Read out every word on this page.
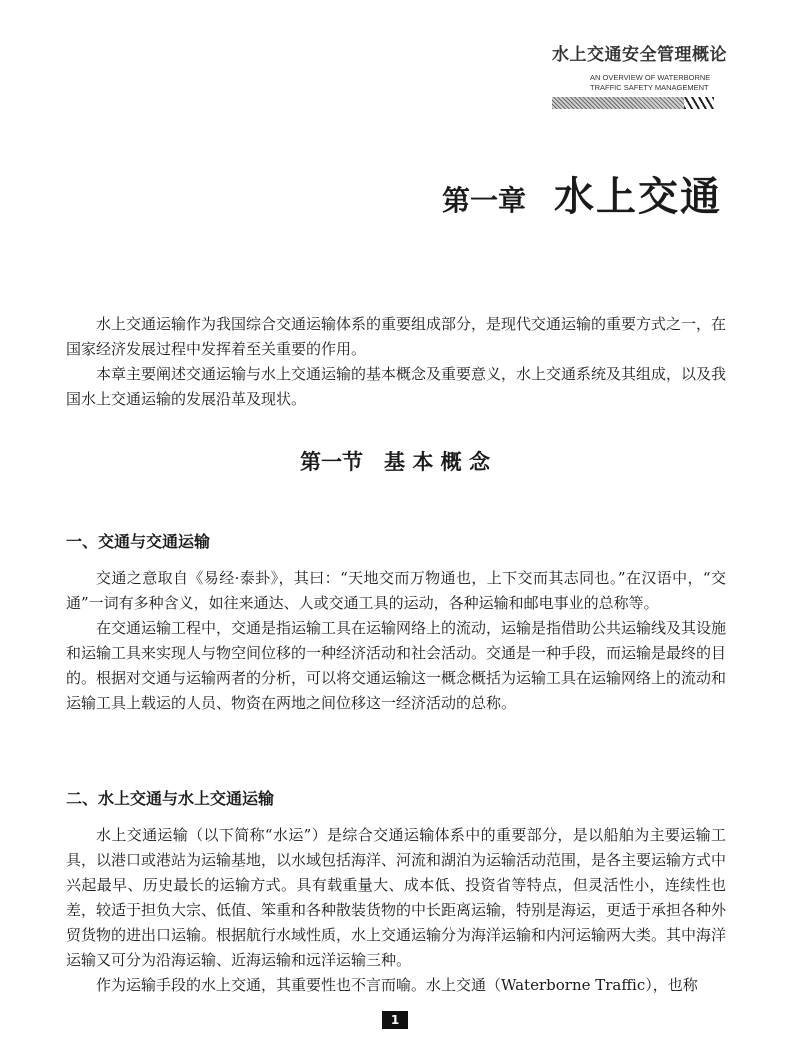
水上交通安全管理概论
AN OVERVIEW OF WATERBORNE
TRAFFIC SAFETY MANAGEMENT
第一章 水上交通

水上交通运输作为我国综合交通运输体系的重要组成部分，是现代交通运输的重要方式之一，在国家经济发展过程中发挥着至关重要的作用。

本章主要阐述交通运输与水上交通运输的基本概念及重要意义，水上交通系统及其组成，以及我国水上交通运输的发展沿革及现状。

第一节　基 本 概 念
一、交通与交通运输

交通之意取自《易经·泰卦》，其曰：“天地交而万物通也，上下交而其志同也。”在汉语中，“交通”一词有多种含义，如往来通达、人或交通工具的运动，各种运输和邮电事业的总称等。

在交通运输工程中，交通是指运输工具在运输网络上的流动，运输是指借助公共运输线及其设施和运输工具来实现人与物空间位移的一种经济活动和社会活动。交通是一种手段，而运输是最终的目的。根据对交通与运输两者的分析，可以将交通运输这一概念概括为运输工具在运输网络上的流动和运输工具上载运的人员、物资在两地之间位移这一经济活动的总称。

二、水上交通与水上交通运输

水上交通运输（以下简称“水运”）是综合交通运输体系中的重要部分，是以船舶为主要运输工具，以港口或港站为运输基地，以水域包括海洋、河流和湖泊为运输活动范围，是各主要运输方式中兴起最早、历史最长的运输方式。具有载重量大、成本低、投资省等特点，但灵活性小，连续性也差，较适于担负大宗、低值、笨重和各种散装货物的中长距离运输，特别是海运，更适于承担各种外贸货物的进出口运输。根据航行水域性质，水上交通运输分为海洋运输和内河运输两大类。其中海洋运输又可分为沿海运输、近海运输和远洋运输三种。

作为运输手段的水上交通，其重要性也不言而喻。水上交通（Waterborne Traffic），也称

1
